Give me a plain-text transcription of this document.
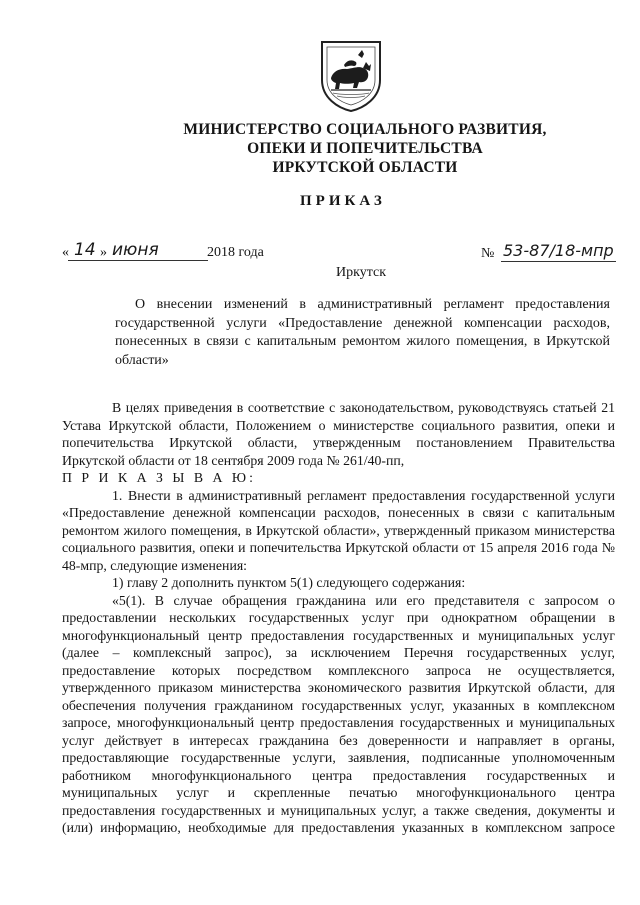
МИНИСТЕРСТВО СОЦИАЛЬНОГО РАЗВИТИЯ,
ОПЕКИ И ПОПЕЧИТЕЛЬСТВА
ИРКУТСКОЙ ОБЛАСТИ
ПРИКАЗ
« 14 » июня	2018 года	№ 53-87/18-мпр
Иркутск
О внесении изменений в административный регламент предоставления государственной услуги «Предоставление денежной компенсации расходов, понесенных в связи с капитальным ремонтом жилого помещения, в Иркутской области»

В целях приведения в соответствие с законодательством, руководствуясь статьей 21 Устава Иркутской области, Положением о министерстве социального развития, опеки и попечительства Иркутской области, утвержденным постановлением Правительства Иркутской области от 18 сентября 2009 года № 261/40-пп,

П Р И К А З Ы В А Ю:

1. Внести в административный регламент предоставления государственной услуги «Предоставление денежной компенсации расходов, понесенных в связи с капитальным ремонтом жилого помещения, в Иркутской области», утвержденный приказом министерства социального развития, опеки и попечительства Иркутской области от 15 апреля 2016 года № 48-мпр, следующие изменения:

1) главу 2 дополнить пунктом 5(1) следующего содержания:

«5(1). В случае обращения гражданина или его представителя с запросом о предоставлении нескольких государственных услуг при однократном обращении в многофункциональный центр предоставления государственных и муниципальных услуг (далее – комплексный запрос), за исключением Перечня государственных услуг, предоставление которых посредством комплексного запроса не осуществляется, утвержденного приказом министерства экономического развития Иркутской области, для обеспечения получения гражданином государственных услуг, указанных в комплексном запросе, многофункциональный центр предоставления государственных и муниципальных услуг действует в интересах гражданина без доверенности и направляет в органы, предоставляющие государственные услуги, заявления, подписанные уполномоченным работником многофункционального центра предоставления государственных и муниципальных услуг и скрепленные печатью многофункционального центра предоставления государственных и муниципальных услуг, а также сведения, документы и (или) информацию, необходимые для предоставления указанных в комплексном запросе
